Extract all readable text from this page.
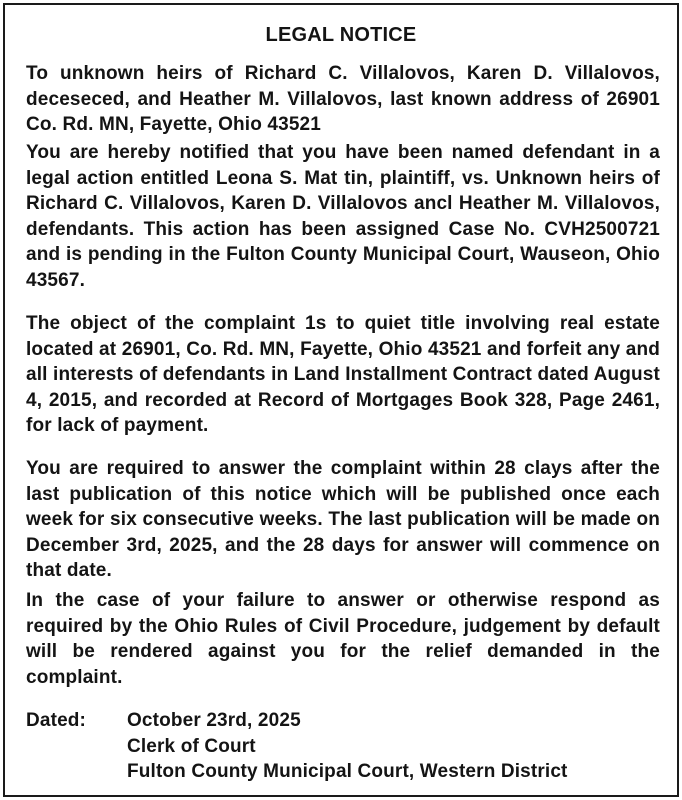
LEGAL NOTICE

To unknown heirs of Richard C. Villalovos, Karen D. Villalovos, deceseced, and Heather M. Villalovos, last known address of 26901 Co. Rd. MN, Fayette, Ohio 43521

You are hereby notified that you have been named defendant in a legal action entitled Leona S. Mat tin, plaintiff, vs. Unknown heirs of Richard C. Villalovos, Karen D. Villalovos ancl Heather M. Villalovos, defendants. This action has been assigned Case No. CVH2500721 and is pending in the Fulton County Municipal Court, Wauseon, Ohio 43567.

The object of the complaint 1s to quiet title involving real estate located at 26901, Co. Rd. MN, Fayette, Ohio 43521 and forfeit any and all interests of defendants in Land Installment Contract dated August 4, 2015, and recorded at Record of Mortgages Book 328, Page 2461, for lack of payment.

You are required to answer the complaint within 28 clays after the last publication of this notice which will be published once each week for six consecutive weeks. The last publication will be made on December 3rd, 2025, and the 28 days for answer will commence on that date.

In the case of your failure to answer or otherwise respond as required by the Ohio Rules of Civil Procedure, judgement by default will be rendered against you for the relief demanded in the complaint.

Dated: October 23rd, 2025
Clerk of Court
Fulton County Municipal Court, Western District
